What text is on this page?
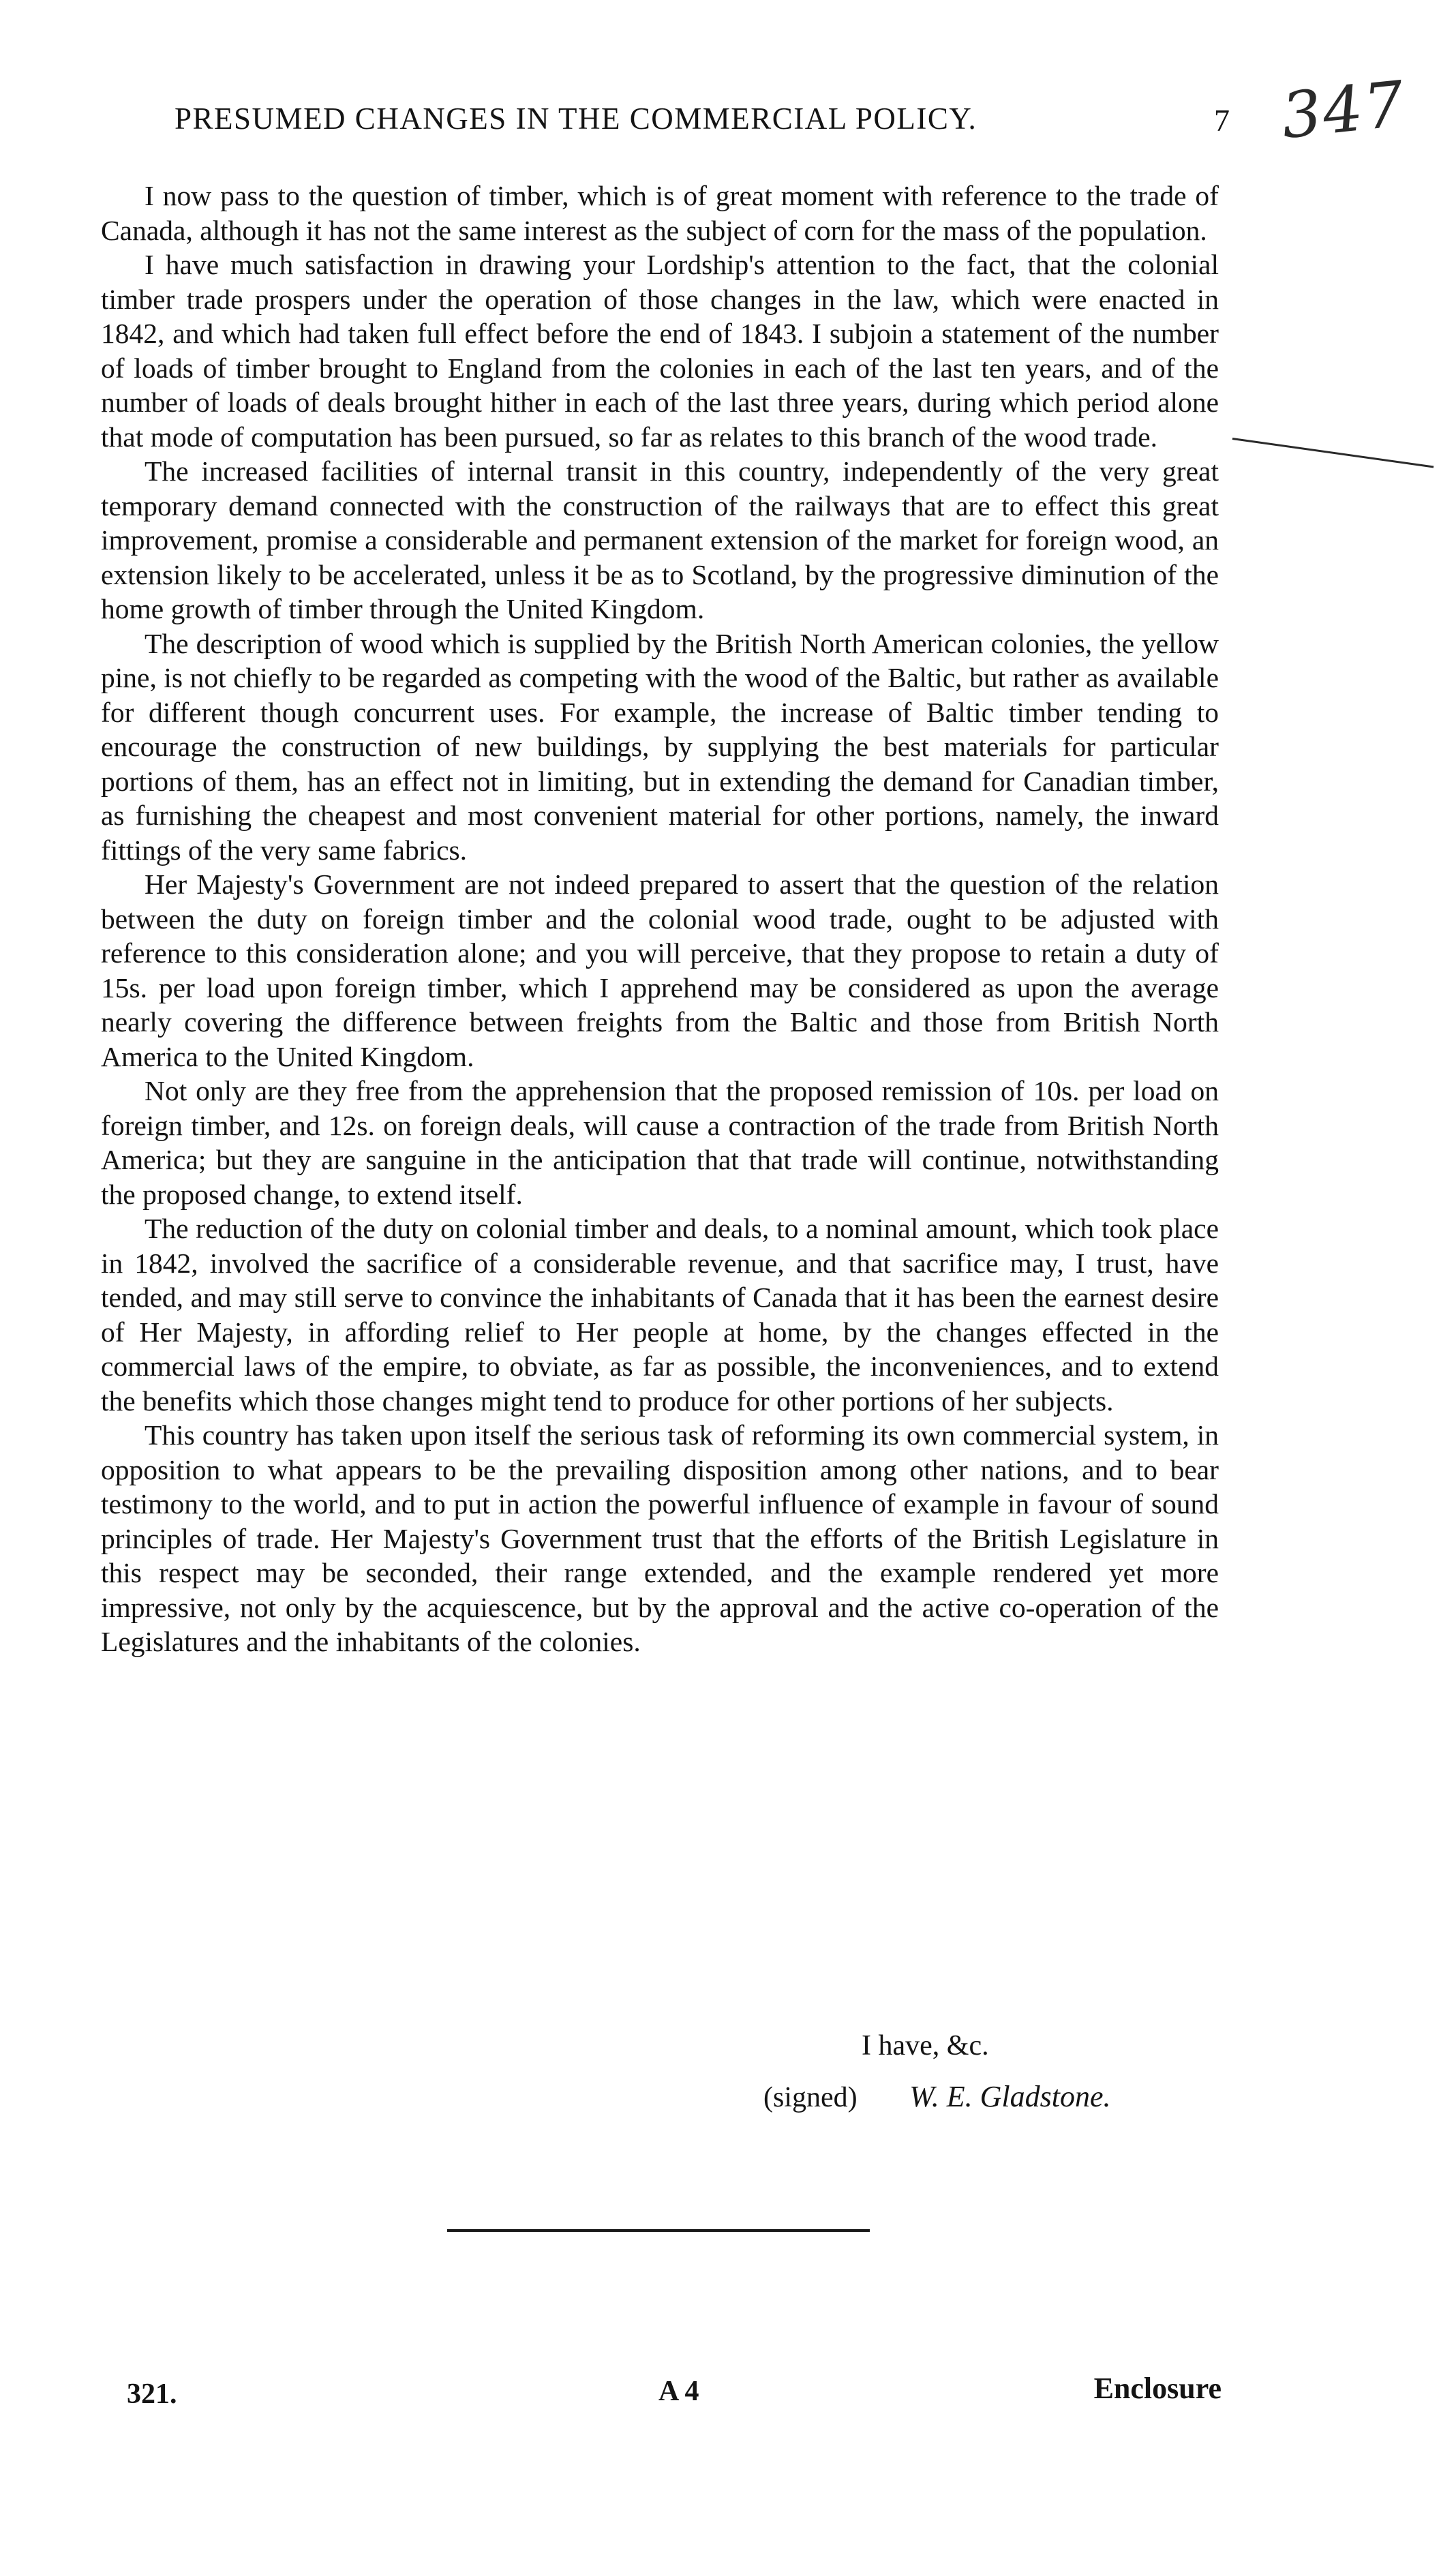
PRESUMED CHANGES IN THE COMMERCIAL POLICY.	7 347

I now pass to the question of timber, which is of great moment with reference to the trade of Canada, although it has not the same interest as the subject of corn for the mass of the population.

I have much satisfaction in drawing your Lordship's attention to the fact, that the colonial timber trade prospers under the operation of those changes in the law, which were enacted in 1842, and which had taken full effect before the end of 1843. I subjoin a statement of the number of loads of timber brought to England from the colonies in each of the last ten years, and of the number of loads of deals brought hither in each of the last three years, during which period alone that mode of computation has been pursued, so far as relates to this branch of the wood trade.

The increased facilities of internal transit in this country, independently of the very great temporary demand connected with the construction of the railways that are to effect this great improvement, promise a considerable and permanent extension of the market for foreign wood, an extension likely to be accelerated, unless it be as to Scotland, by the progressive diminution of the home growth of timber through the United Kingdom.

The description of wood which is supplied by the British North American colonies, the yellow pine, is not chiefly to be regarded as competing with the wood of the Baltic, but rather as available for different though concurrent uses. For example, the increase of Baltic timber tending to encourage the construction of new buildings, by supplying the best materials for particular portions of them, has an effect not in limiting, but in extending the demand for Canadian timber, as furnishing the cheapest and most convenient material for other portions, namely, the inward fittings of the very same fabrics.

Her Majesty's Government are not indeed prepared to assert that the question of the relation between the duty on foreign timber and the colonial wood trade, ought to be adjusted with reference to this consideration alone; and you will perceive, that they propose to retain a duty of 15s. per load upon foreign timber, which I apprehend may be considered as upon the average nearly covering the difference between freights from the Baltic and those from British North America to the United Kingdom.

Not only are they free from the apprehension that the proposed remission of 10s. per load on foreign timber, and 12s. on foreign deals, will cause a contraction of the trade from British North America; but they are sanguine in the anticipation that that trade will continue, notwithstanding the proposed change, to extend itself.

The reduction of the duty on colonial timber and deals, to a nominal amount, which took place in 1842, involved the sacrifice of a considerable revenue, and that sacrifice may, I trust, have tended, and may still serve to convince the inhabitants of Canada that it has been the earnest desire of Her Majesty, in affording relief to Her people at home, by the changes effected in the commercial laws of the empire, to obviate, as far as possible, the inconveniences, and to extend the benefits which those changes might tend to produce for other portions of her subjects.

This country has taken upon itself the serious task of reforming its own commercial system, in opposition to what appears to be the prevailing disposition among other nations, and to bear testimony to the world, and to put in action the powerful influence of example in favour of sound principles of trade. Her Majesty's Government trust that the efforts of the British Legislature in this respect may be seconded, their range extended, and the example rendered yet more impressive, not only by the acquiescence, but by the approval and the active co-operation of the Legislatures and the inhabitants of the colonies.

I have, &c.
(signed) W. E. Gladstone.
321.	A 4	Enclosure
